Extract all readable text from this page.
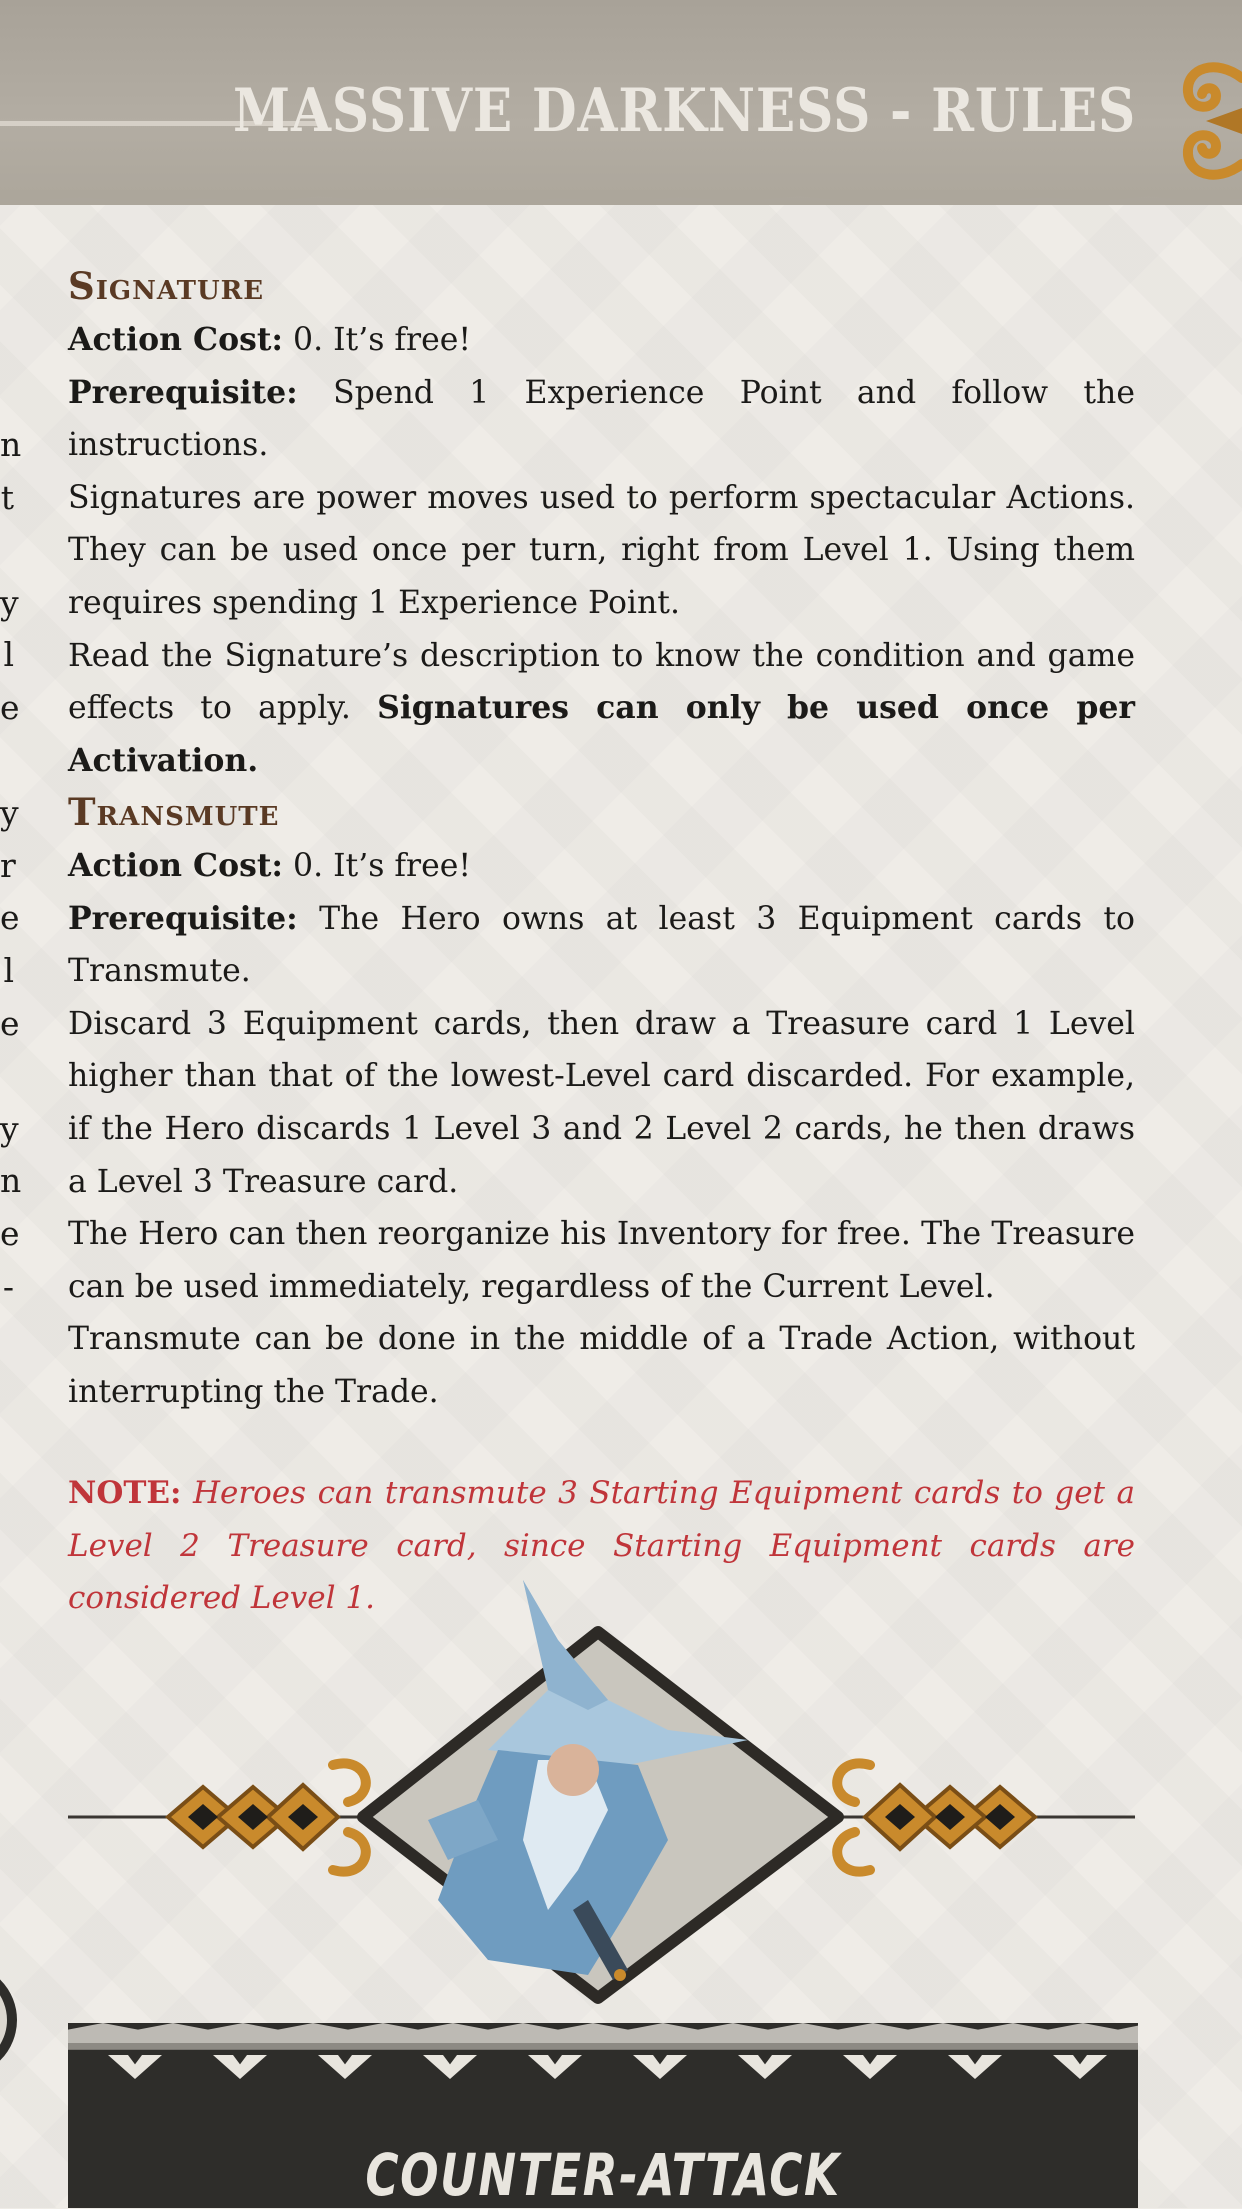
MASSIVE DARKNESS - RULES
n
t
y
l
e
y
r
e
l
e
y
n
e
-
Signature

Action Cost: 0. It’s free!

Prerequisite: Spend 1 Experience Point and follow the instructions.

Signatures are power moves used to perform spectacular Actions. They can be used once per turn, right from Level 1. Using them requires spending 1 Experience Point.

Read the Signature’s description to know the condition and game effects to apply. Signatures can only be used once per Activation.

Transmute

Action Cost: 0. It’s free!

Prerequisite: The Hero owns at least 3 Equipment cards to Transmute.

Discard 3 Equipment cards, then draw a Treasure card 1 Level higher than that of the lowest-Level card discarded. For example, if the Hero discards 1 Level 3 and 2 Level 2 cards, he then draws a Level 3 Treasure card.

The Hero can then reorganize his Inventory for free. The Treasure can be used immediately, regardless of the Current Level.

Transmute can be done in the middle of a Trade Action, without interrupting the Trade.

NOTE: Heroes can transmute 3 Starting Equipment cards to get a Level 2 Treasure card, since Starting Equipment cards are considered Level 1.

COUNTER-ATTACK
